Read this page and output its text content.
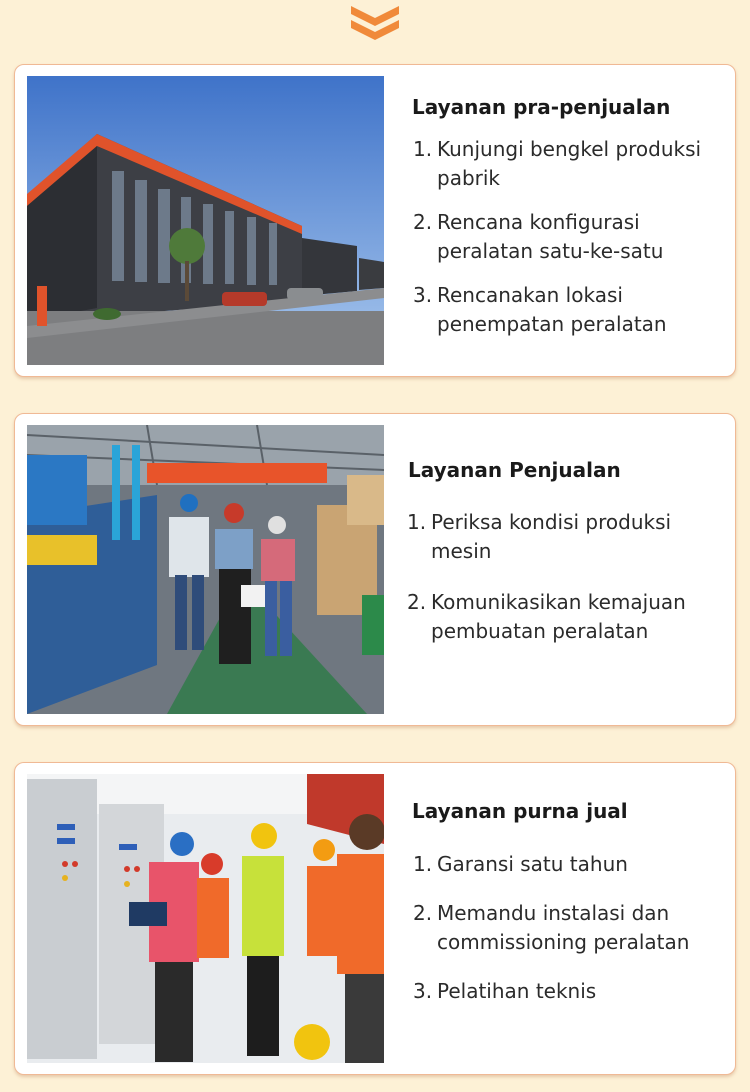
Layanan pra-penjualan
1. Kunjungi bengkel produksi pabrik
2. Rencana konfigurasi peralatan satu-ke-satu
3. Rencanakan lokasi penempatan peralatan
Layanan Penjualan
1. Periksa kondisi produksi mesin
2. Komunikasikan kemajuan pembuatan peralatan
Layanan purna jual
1. Garansi satu tahun
2. Memandu instalasi dan commissioning peralatan
3. Pelatihan teknis
